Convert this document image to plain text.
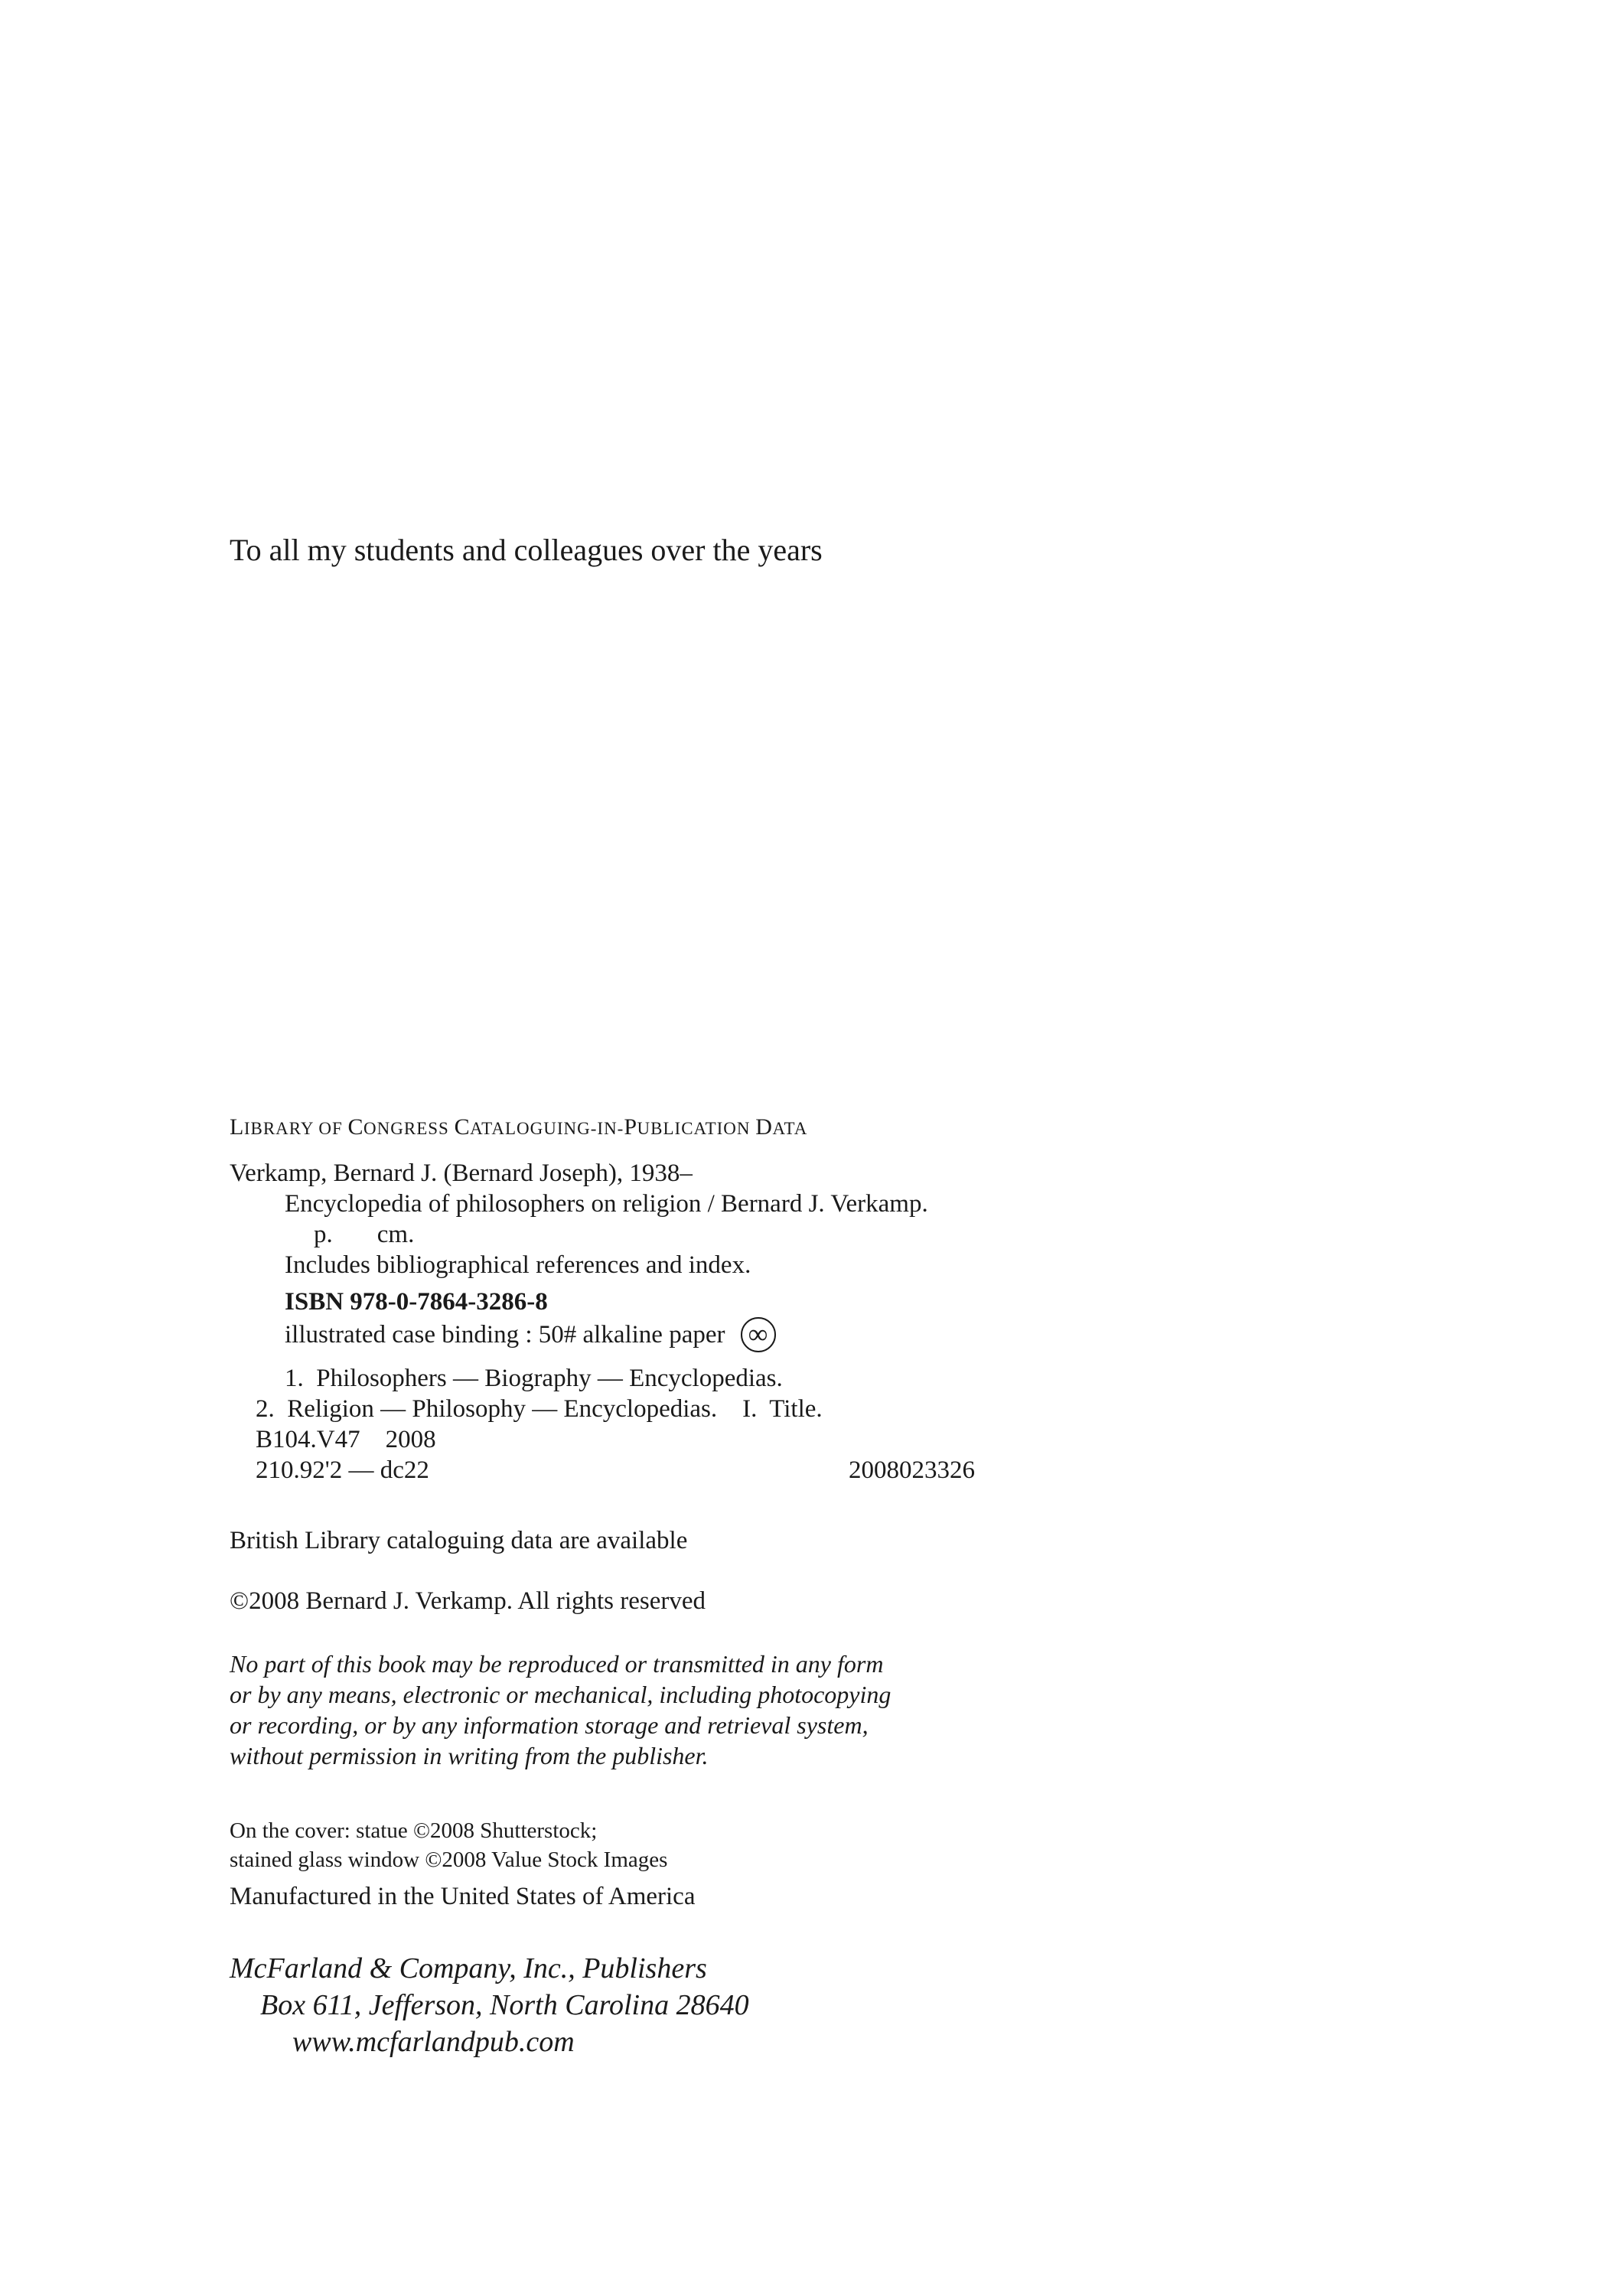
To all my students and colleagues over the years
LIBRARY OF CONGRESS CATALOGUING-IN-PUBLICATION DATA
Verkamp, Bernard J. (Bernard Joseph), 1938–
Encyclopedia of philosophers on religion / Bernard J. Verkamp.
p. cm.
Includes bibliographical references and index.
ISBN 978-0-7864-3286-8
illustrated case binding : 50# alkaline paper ∞
1.  Philosophers — Biography — Encyclopedias.
2.  Religion — Philosophy — Encyclopedias.    I.  Title.
B104.V47    2008
210.92'2 — dc22	2008023326
British Library cataloguing data are available
©2008 Bernard J. Verkamp. All rights reserved
No part of this book may be reproduced or transmitted in any form
or by any means, electronic or mechanical, including photocopying
or recording, or by any information storage and retrieval system,
without permission in writing from the publisher.
On the cover: statue ©2008 Shutterstock;
stained glass window ©2008 Value Stock Images
Manufactured in the United States of America
McFarland & Company, Inc., Publishers
Box 611, Jefferson, North Carolina 28640
www.mcfarlandpub.com
